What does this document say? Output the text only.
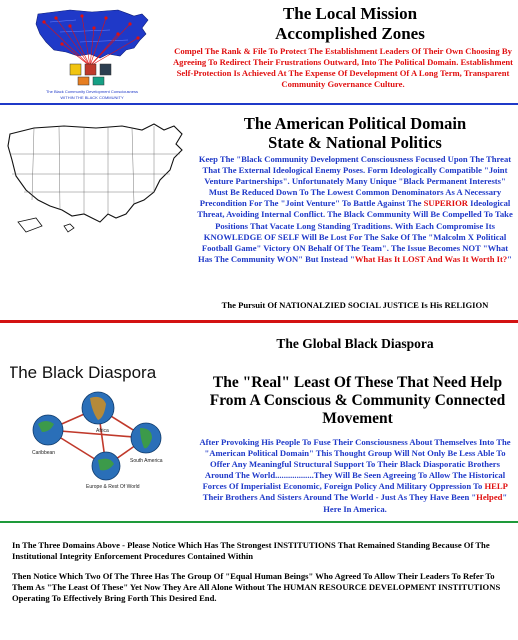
The Black Community Development Consciousness
WITHIN THE BLACK COMMUNITY
The Local Mission
Accomplished Zones
Compel The Rank & File To Protect The Establishment Leaders Of Their Own Choosing By Agreeing To Redirect Their Frustrations Outward, Into The Political Domain. Establishment Self-Protection Is Achieved At The Expense Of Development Of A Long Term, Transparent Community Governance Culture.
The American Political Domain
State & National Politics
Keep The "Black Community Development Consciousness Focused Upon The Threat That The External Ideological Enemy Poses. Form Ideologically Compatible "Joint Venture Partnerships". Unfortunately Many Unique "Black Permanent Interests" Must Be Reduced Down To The Lowest Common Denominators As A Necessary Precondition For The "Joint Venture" To Battle Against The SUPERIOR Ideological Threat, Avoiding Internal Conflict. The Black Community Will Be Compelled To Take Positions That Vacate Long Standing Traditions. With Each Compromise Its KNOWLEDGE OF SELF Will Be Lost For The Sake Of The "Malcolm X Political Football Game" Victory ON Behalf Of The Team". The Issue Becomes NOT "What Has The Community WON" But Instead "What Has It LOST And Was It Worth It?"
The Pursuit Of NATIONALZIED SOCIAL JUSTICE Is His RELIGION
The Global Black Diaspora
The Black Diaspora
Caribbean
Africa
South America
Europe & Rest Of World
The "Real" Least Of These That Need Help From A Conscious & Community Connected Movement
After Provoking His People To Fuse Their Consciousness About Themselves Into The "American Political Domain" This Thought Group Will Not Only Be Less Able To Offer Any Meaningful Structural Support To Their Black Diasporatic Brothers Around The World..................They Will Be Seen Agreeing To Allow The Historical Forces Of Imperialist Economic, Foreign Policy And Military Oppression To HELP Their Brothers And Sisters Around The World - Just As They Have Been "Helped" Here In America.

In The Three Domains Above - Please Notice Which Has The Strongest INSTITUTIONS That Remained Standing Because Of The Institutional Integrity Enforcement Procedures Contained Within

Then Notice Which Two Of The Three Has The Group Of "Equal Human Beings" Who Agreed To Allow Their Leaders To Refer To Them As "The Least Of These" Yet Now They Are All Alone Without The HUMAN RESOURCE DEVELOPMENT INSTITUTIONS Operating To Effectively Bring Forth This Desired End.
